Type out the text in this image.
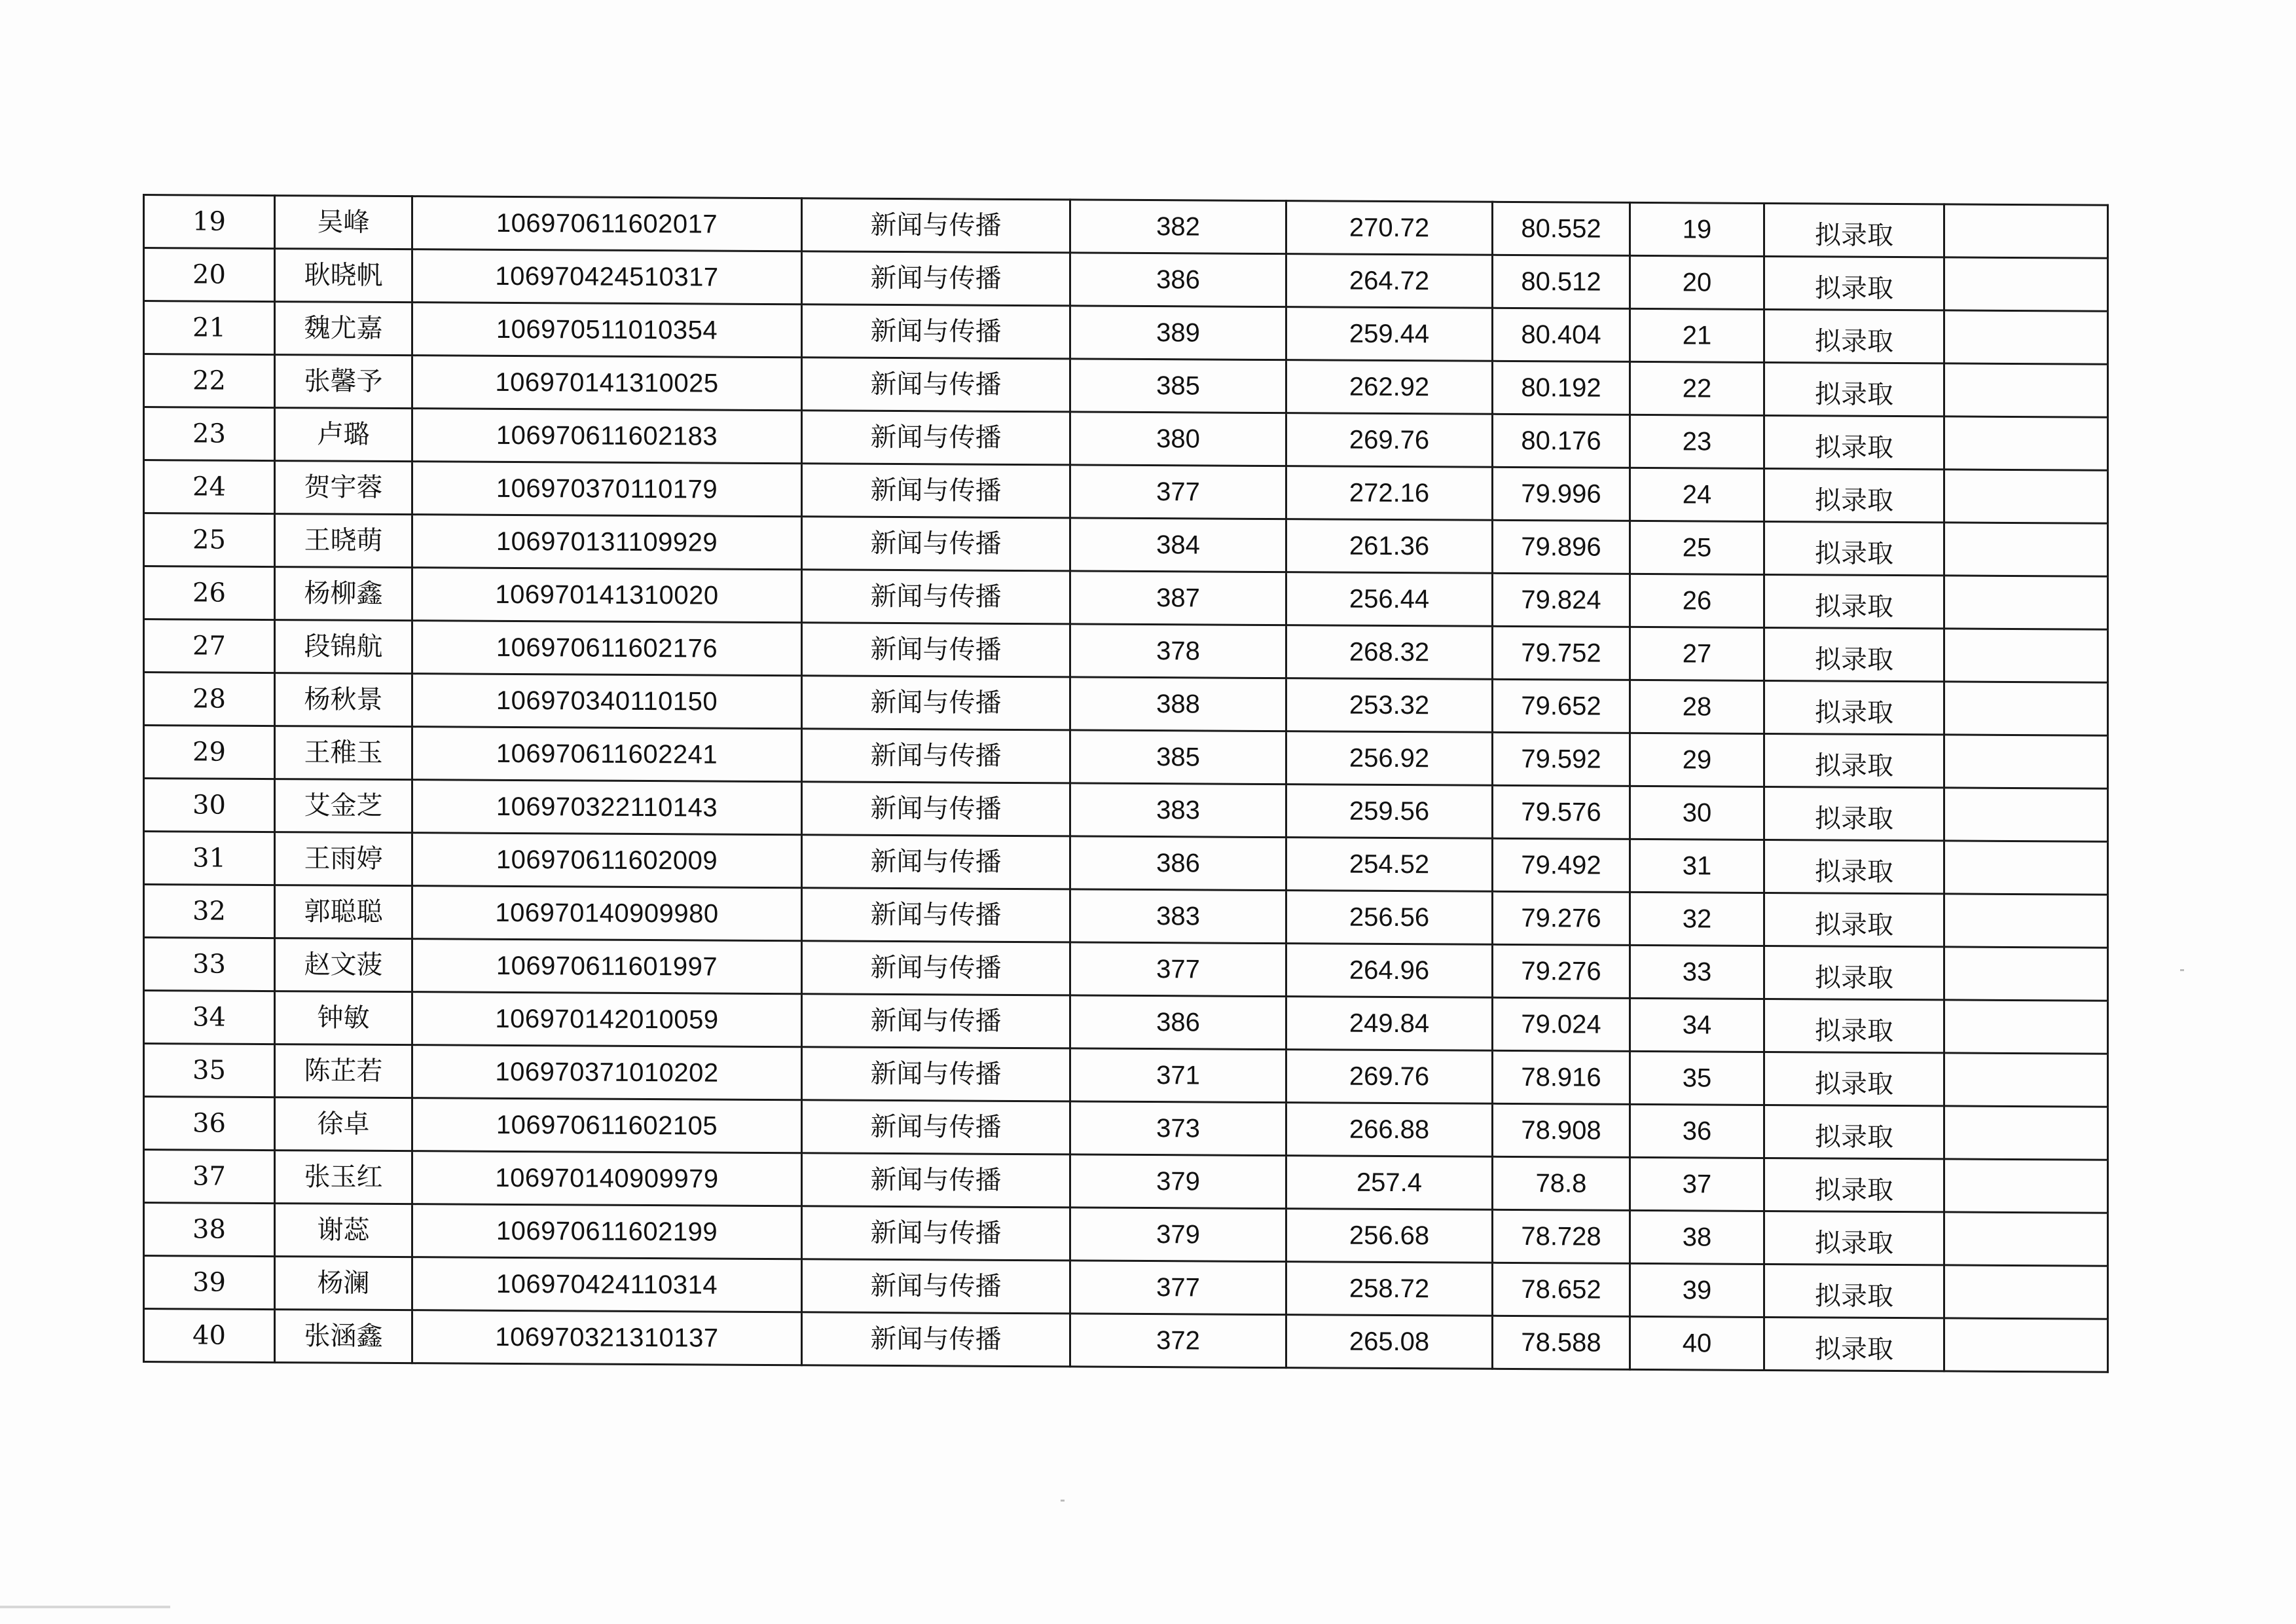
19	吴峰	106970611602017	新闻与传播	382	270.72	80.552	19	拟录取	
20	耿晓帆	106970424510317	新闻与传播	386	264.72	80.512	20	拟录取	
21	魏尤嘉	106970511010354	新闻与传播	389	259.44	80.404	21	拟录取	
22	张馨予	106970141310025	新闻与传播	385	262.92	80.192	22	拟录取	
23	卢璐	106970611602183	新闻与传播	380	269.76	80.176	23	拟录取	
24	贺宇蓉	106970370110179	新闻与传播	377	272.16	79.996	24	拟录取	
25	王晓萌	106970131109929	新闻与传播	384	261.36	79.896	25	拟录取	
26	杨柳鑫	106970141310020	新闻与传播	387	256.44	79.824	26	拟录取	
27	段锦航	106970611602176	新闻与传播	378	268.32	79.752	27	拟录取	
28	杨秋景	106970340110150	新闻与传播	388	253.32	79.652	28	拟录取	
29	王稚玉	106970611602241	新闻与传播	385	256.92	79.592	29	拟录取	
30	艾金芝	106970322110143	新闻与传播	383	259.56	79.576	30	拟录取	
31	王雨婷	106970611602009	新闻与传播	386	254.52	79.492	31	拟录取	
32	郭聪聪	106970140909980	新闻与传播	383	256.56	79.276	32	拟录取	
33	赵文菠	106970611601997	新闻与传播	377	264.96	79.276	33	拟录取	
34	钟敏	106970142010059	新闻与传播	386	249.84	79.024	34	拟录取	
35	陈芷若	106970371010202	新闻与传播	371	269.76	78.916	35	拟录取	
36	徐卓	106970611602105	新闻与传播	373	266.88	78.908	36	拟录取	
37	张玉红	106970140909979	新闻与传播	379	257.4	78.8	37	拟录取	
38	谢蕊	106970611602199	新闻与传播	379	256.68	78.728	38	拟录取	
39	杨澜	106970424110314	新闻与传播	377	258.72	78.652	39	拟录取	
40	张涵鑫	106970321310137	新闻与传播	372	265.08	78.588	40	拟录取	
